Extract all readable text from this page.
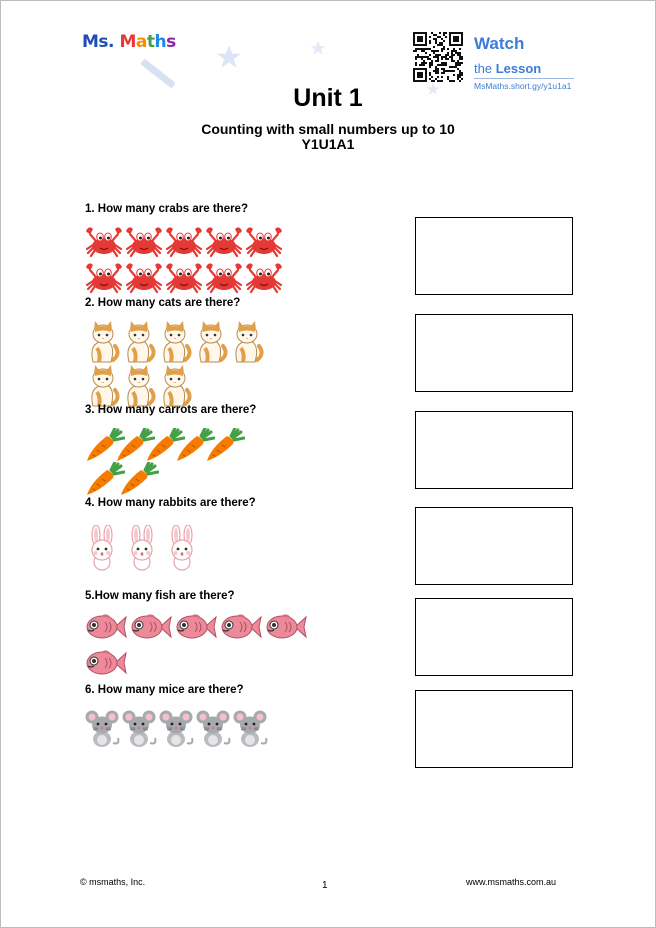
Ms. Maths	Watch
the Lesson
MsMaths.short.gy/y1u1a1
Unit 1
Counting with small numbers up to 10
Y1U1A1
1. How many crabs are there?
2. How many cats are there?
3. How many carrots are there?
4. How many rabbits are there?
5.How many fish are there?
6. How many mice are there?
© msmaths, Inc.	1	www.msmaths.com.au
